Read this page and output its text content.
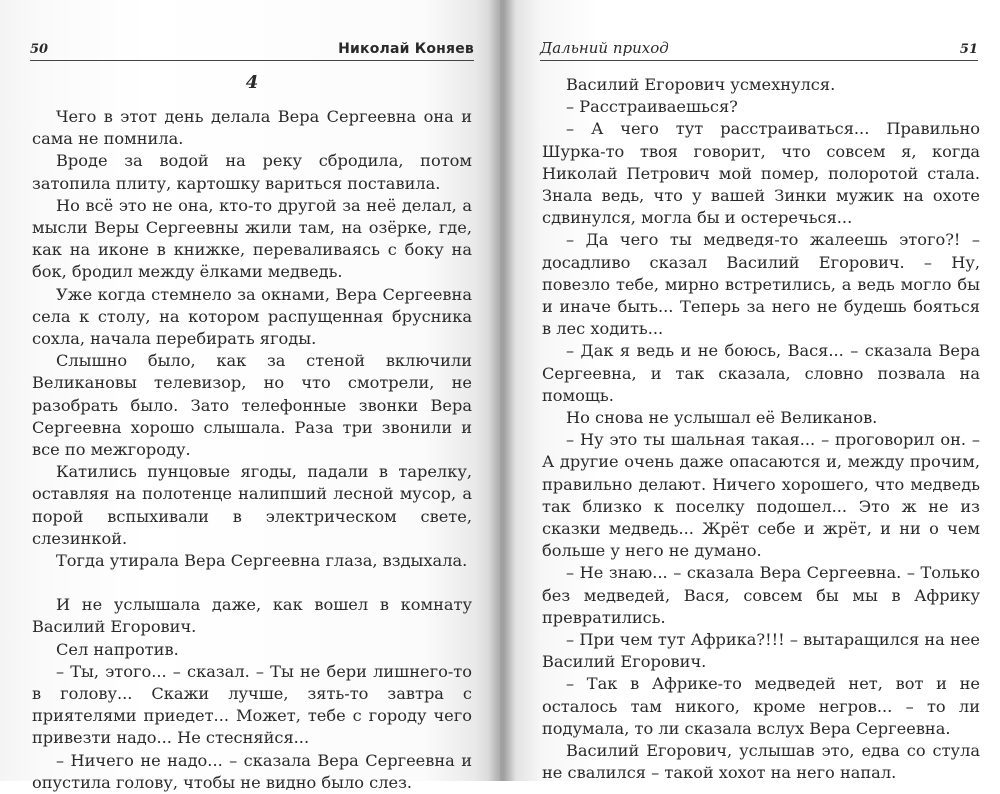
50	Николай Коняев
4

Чего в этот день делала Вера Сергеевна она и сама не помнила.

Вроде за водой на реку сбродила, потом затопила плиту, картошку вариться поставила.

Но всё это не она, кто-то другой за неё делал, а мысли Веры Сергеевны жили там, на озёрке, где, как на иконе в книжке, переваливаясь с боку на бок, бродил между ёлками медведь.

Уже когда стемнело за окнами, Вера Сергеевна села к столу, на котором распущенная брусника сохла, начала перебирать ягоды.

Слышно было, как за стеной включили Великановы телевизор, но что смотрели, не разобрать было. Зато телефонные звонки Вера Сергеевна хорошо слышала. Раза три звонили и все по межгороду.

Катились пунцовые ягоды, падали в тарелку, оставляя на полотенце налипший лесной мусор, а порой вспыхивали в электрическом свете, слезинкой.

Тогда утирала Вера Сергеевна глаза, вздыхала.

И не услышала даже, как вошел в комнату Василий Егорович.

Сел напротив.

– Ты, этого... – сказал. – Ты не бери лишнего-то в голову... Скажи лучше, зять-то завтра с приятелями приедет... Может, тебе с городу чего привезти надо... Не стесняйся...

– Ничего не надо... – сказала Вера Сергеевна и опустила голову, чтобы не видно было слез.

Дальний приход	51

Василий Егорович усмехнулся.

– Расстраиваешься?

– А чего тут расстраиваться... Правильно Шурка-то твоя говорит, что совсем я, когда Николай Петрович мой помер, полоротой стала. Знала ведь, что у вашей Зинки мужик на охоте сдвинулся, могла бы и остеречься...

– Да чего ты медведя-то жалеешь этого?! – досадливо сказал Василий Егорович. – Ну, повезло тебе, мирно встретились, а ведь могло бы и иначе быть... Теперь за него не будешь бояться в лес ходить...

– Дак я ведь и не боюсь, Вася... – сказала Вера Сергеевна, и так сказала, словно позвала на помощь.

Но снова не услышал её Великанов.

– Ну это ты шальная такая... – проговорил он. – А другие очень даже опасаются и, между прочим, правильно делают. Ничего хорошего, что медведь так близко к поселку подошел... Это ж не из сказки медведь... Жрёт себе и жрёт, и ни о чем больше у него не думано.

– Не знаю... – сказала Вера Сергеевна. – Только без медведей, Вася, совсем бы мы в Африку превратились.

– При чем тут Африка?!!! – вытаращился на нее Василий Егорович.

– Так в Африке-то медведей нет, вот и не осталось там никого, кроме негров... – то ли подумала, то ли сказала вслух Вера Сергеевна.

Василий Егорович, услышав это, едва со стула не свалился – такой хохот на него напал.
